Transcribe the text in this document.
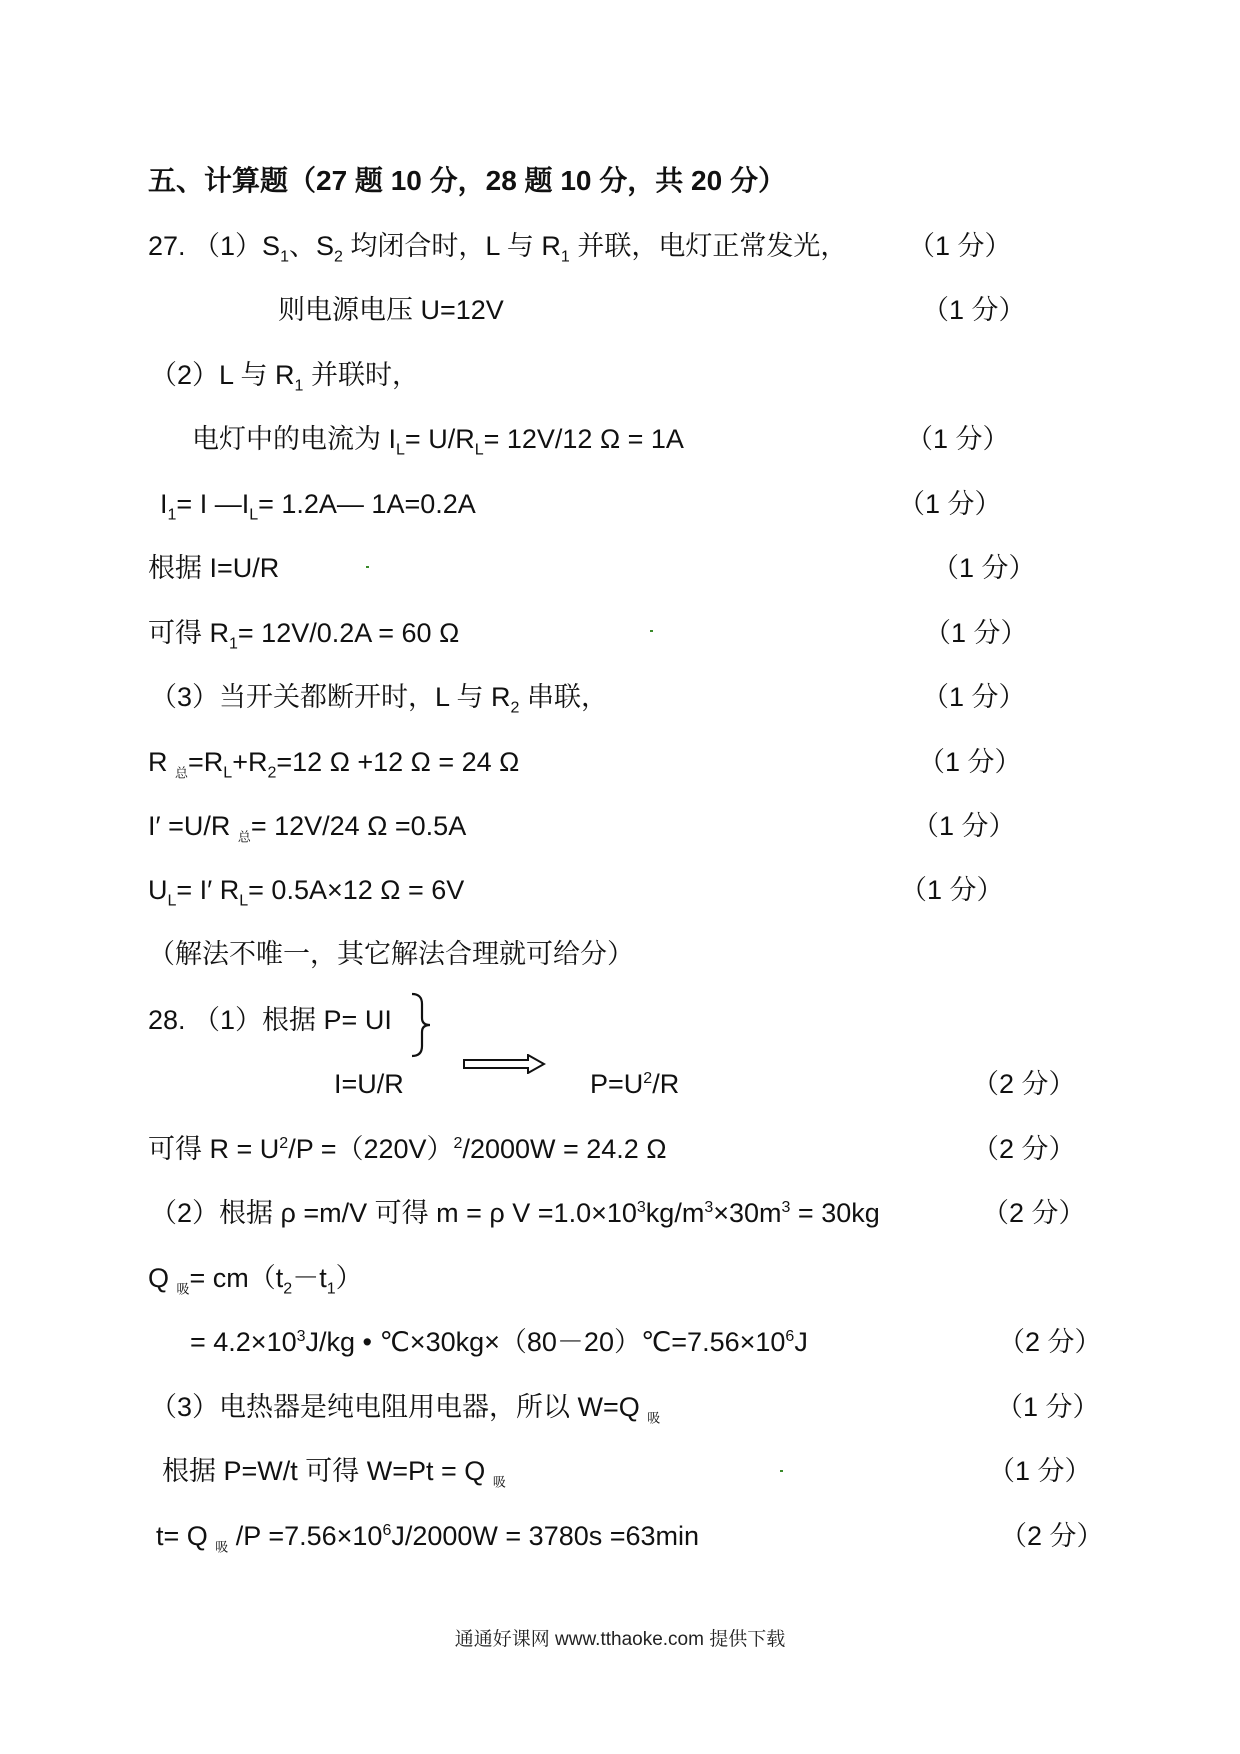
五、计算题（27 题 10 分，28 题 10 分，共 20 分）
27. $(1)S_1$、$S_2$ 均闭合时，L 与 $R_1$ 并联，电灯正常发光， （1 分）
则电源电压 U=12V	（1 分）
（2）L 与 $R_1$ 并联时，
电灯中的电流为 $I_L= U/R_L= 12V/12$ Ω = 1A	（1 分）
$I_1= I$ $—I_L=$ 1.2A— 1A=0.2A	（1 分）
根据 I=U/R	（1 分）
可得 $R_1= 12V/0.2A = 60$ Ω	（1 分）
（3）当开关都断开时，L 与 $R_2$ 串联，	（1 分）
R $_总=R_L+R_2=12$ Ω +12 Ω = 24 Ω	（1 分）
I′ =U/R $_总$= 12V/24 Ω =0.5A	（1 分）
$U_L= I'$ $R_L= 0.5A\times 12$ Ω = 6V	（1 分）
（解法不唯一，其它解法合理就可给分）
28. （1）根据 P= UI
I=U/R	$P=U^2/R$	（2 分）
可得 $R = U^2/P =(220V)^2/2000W = 24.2$ Ω	（2 分）
（2）根据 ρ =m/V 可得 m = ρ $V =1.0\times 10^3kg/m^3\times 30m^3 = 30kg$	（2 分）
Q $_吸= cm(t_2-t_1)$
= $4.2\times 10^3J/kg$ • $℃\times 30kg\times(80-20)℃=7.56\times 10^6J$	（2 分）
（3）电热器是纯电阻用电器，所以 W=Q $_吸$	（1 分）
根据 P=W/t 可得 W=Pt = Q $_吸$	（1 分）
t= Q $_吸$ $/P =7.56\times 10^6J/2000W = 3780s =63\min$	（2 分）
通通好课网 www.tthaoke.com 提供下载
